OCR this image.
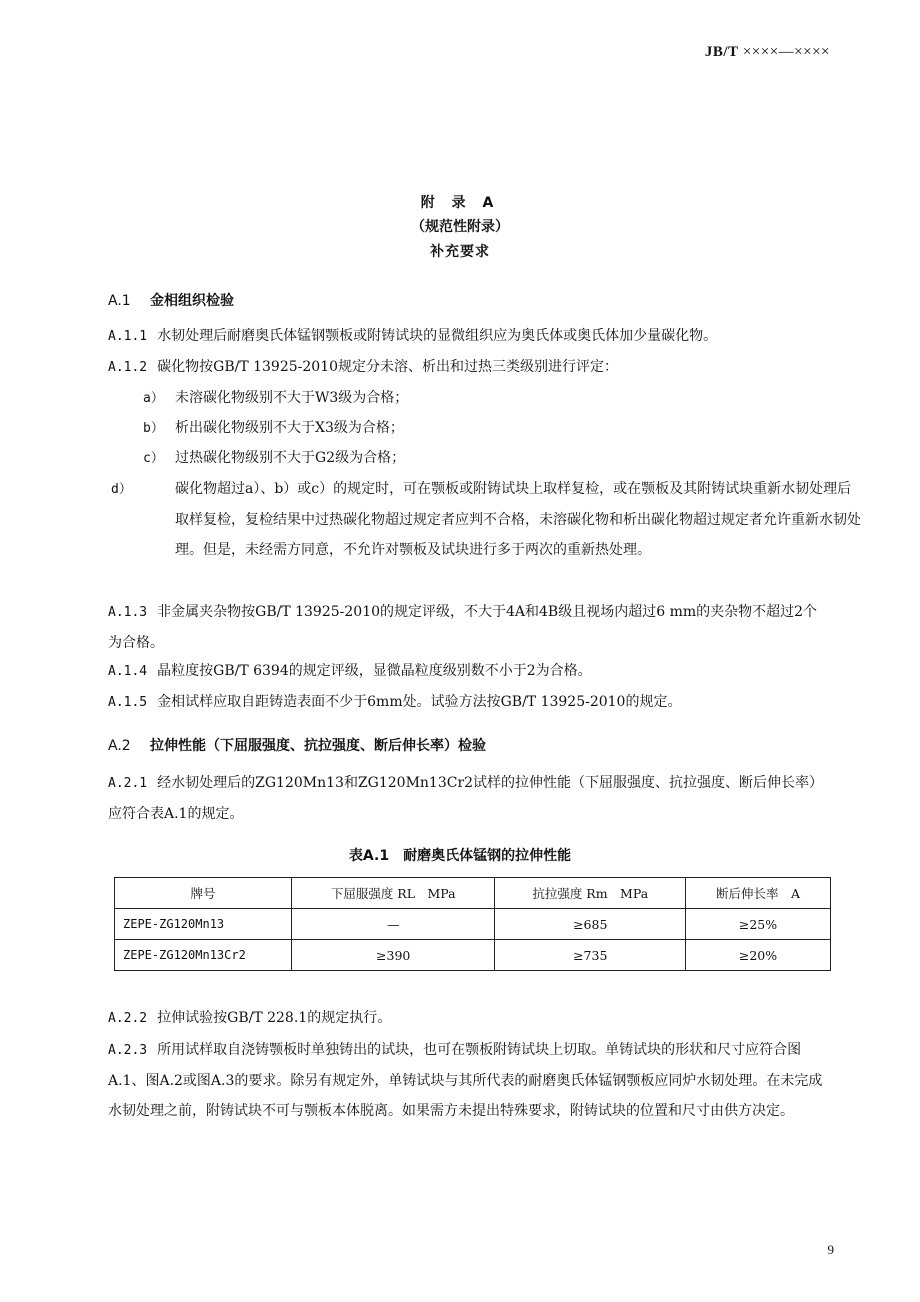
JB/T ××××—××××
附 录 A
（规范性附录）
补充要求
A.1 金相组织检验
A.1.1 水韧处理后耐磨奥氏体锰钢颚板或附铸试块的显微组织应为奥氏体或奥氏体加少量碳化物。
A.1.2 碳化物按GB/T 13925-2010规定分未溶、析出和过热三类级别进行评定：
a） 未溶碳化物级别不大于W3级为合格；
b） 析出碳化物级别不大于X3级为合格；
c） 过热碳化物级别不大于G2级为合格；
d）	碳化物超过a）、b）或c）的规定时，可在颚板或附铸试块上取样复检，或在颚板及其附铸试块重新水韧处理后取样复检，复检结果中过热碳化物超过规定者应判不合格，未溶碳化物和析出碳化物超过规定者允许重新水韧处理。但是，未经需方同意，不允许对颚板及试块进行多于两次的重新热处理。
A.1.3 非金属夹杂物按GB/T 13925-2010的规定评级，不大于4A和4B级且视场内超过6 mm的夹杂物不超过2个为合格。
A.1.4 晶粒度按GB/T 6394的规定评级，显微晶粒度级别数不小于2为合格。
A.1.5 金相试样应取自距铸造表面不少于6mm处。试验方法按GB/T 13925-2010的规定。
A.2 拉伸性能（下屈服强度、抗拉强度、断后伸长率）检验
A.2.1 经水韧处理后的ZG120Mn13和ZG120Mn13Cr2试样的拉伸性能（下屈服强度、抗拉强度、断后伸长率）应符合表A.1的规定。
表A.1　耐磨奥氏体锰钢的拉伸性能
牌号	下屈服强度 RL　MPa	抗拉强度 Rm　MPa	断后伸长率　A
ZEPE-ZG120Mn13	—	≥685	≥25%
ZEPE-ZG120Mn13Cr2	≥390	≥735	≥20%
A.2.2 拉伸试验按GB/T 228.1的规定执行。
A.2.3 所用试样取自浇铸颚板时单独铸出的试块，也可在颚板附铸试块上切取。单铸试块的形状和尺寸应符合图A.1、图A.2或图A.3的要求。除另有规定外，单铸试块与其所代表的耐磨奥氏体锰钢颚板应同炉水韧处理。在未完成水韧处理之前，附铸试块不可与颚板本体脱离。如果需方未提出特殊要求，附铸试块的位置和尺寸由供方决定。
9
